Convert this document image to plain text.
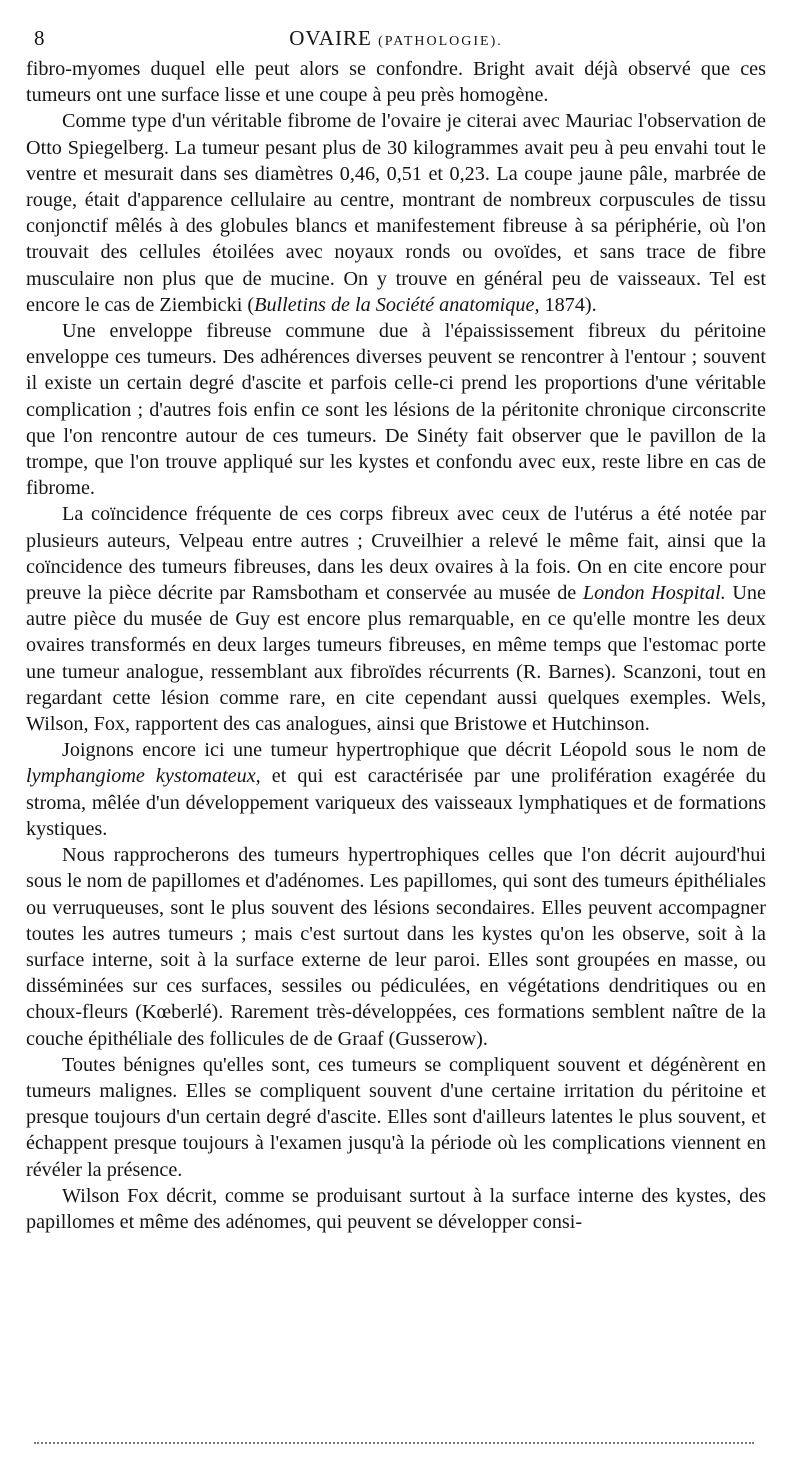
8	OVAIRE (PATHOLOGIE).

fibro-myomes duquel elle peut alors se confondre. Bright avait déjà observé que ces tumeurs ont une surface lisse et une coupe à peu près homogène.

Comme type d'un véritable fibrome de l'ovaire je citerai avec Mauriac l'observation de Otto Spiegelberg. La tumeur pesant plus de 30 kilogrammes avait peu à peu envahi tout le ventre et mesurait dans ses diamètres 0,46, 0,51 et 0,23. La coupe jaune pâle, marbrée de rouge, était d'apparence cellulaire au centre, montrant de nombreux corpuscules de tissu conjonctif mêlés à des globules blancs et manifestement fibreuse à sa périphérie, où l'on trouvait des cellules étoilées avec noyaux ronds ou ovoïdes, et sans trace de fibre musculaire non plus que de mucine. On y trouve en général peu de vaisseaux. Tel est encore le cas de Ziembicki (Bulletins de la Société anatomique, 1874).

Une enveloppe fibreuse commune due à l'épaississement fibreux du péritoine enveloppe ces tumeurs. Des adhérences diverses peuvent se rencontrer à l'entour ; souvent il existe un certain degré d'ascite et parfois celle-ci prend les proportions d'une véritable complication ; d'autres fois enfin ce sont les lésions de la péritonite chronique circonscrite que l'on rencontre autour de ces tumeurs. De Sinéty fait observer que le pavillon de la trompe, que l'on trouve appliqué sur les kystes et confondu avec eux, reste libre en cas de fibrome.

La coïncidence fréquente de ces corps fibreux avec ceux de l'utérus a été notée par plusieurs auteurs, Velpeau entre autres ; Cruveilhier a relevé le même fait, ainsi que la coïncidence des tumeurs fibreuses, dans les deux ovaires à la fois. On en cite encore pour preuve la pièce décrite par Ramsbotham et conservée au musée de London Hospital. Une autre pièce du musée de Guy est encore plus remarquable, en ce qu'elle montre les deux ovaires transformés en deux larges tumeurs fibreuses, en même temps que l'estomac porte une tumeur analogue, ressemblant aux fibroïdes récurrents (R. Barnes). Scanzoni, tout en regardant cette lésion comme rare, en cite cependant aussi quelques exemples. Wels, Wilson, Fox, rapportent des cas analogues, ainsi que Bristowe et Hutchinson.

Joignons encore ici une tumeur hypertrophique que décrit Léopold sous le nom de lymphangiome kystomateux, et qui est caractérisée par une prolifération exagérée du stroma, mêlée d'un développement variqueux des vaisseaux lymphatiques et de formations kystiques.

Nous rapprocherons des tumeurs hypertrophiques celles que l'on décrit aujourd'hui sous le nom de papillomes et d'adénomes. Les papillomes, qui sont des tumeurs épithéliales ou verruqueuses, sont le plus souvent des lésions secondaires. Elles peuvent accompagner toutes les autres tumeurs ; mais c'est surtout dans les kystes qu'on les observe, soit à la surface interne, soit à la surface externe de leur paroi. Elles sont groupées en masse, ou disséminées sur ces surfaces, sessiles ou pédiculées, en végétations dendritiques ou en choux-fleurs (Kœberlé). Rarement très-développées, ces formations semblent naître de la couche épithéliale des follicules de de Graaf (Gusserow).

Toutes bénignes qu'elles sont, ces tumeurs se compliquent souvent et dégénèrent en tumeurs malignes. Elles se compliquent souvent d'une certaine irritation du péritoine et presque toujours d'un certain degré d'ascite. Elles sont d'ailleurs latentes le plus souvent, et échappent presque toujours à l'examen jusqu'à la période où les complications viennent en révéler la présence.

Wilson Fox décrit, comme se produisant surtout à la surface interne des kystes, des papillomes et même des adénomes, qui peuvent se développer consi-
